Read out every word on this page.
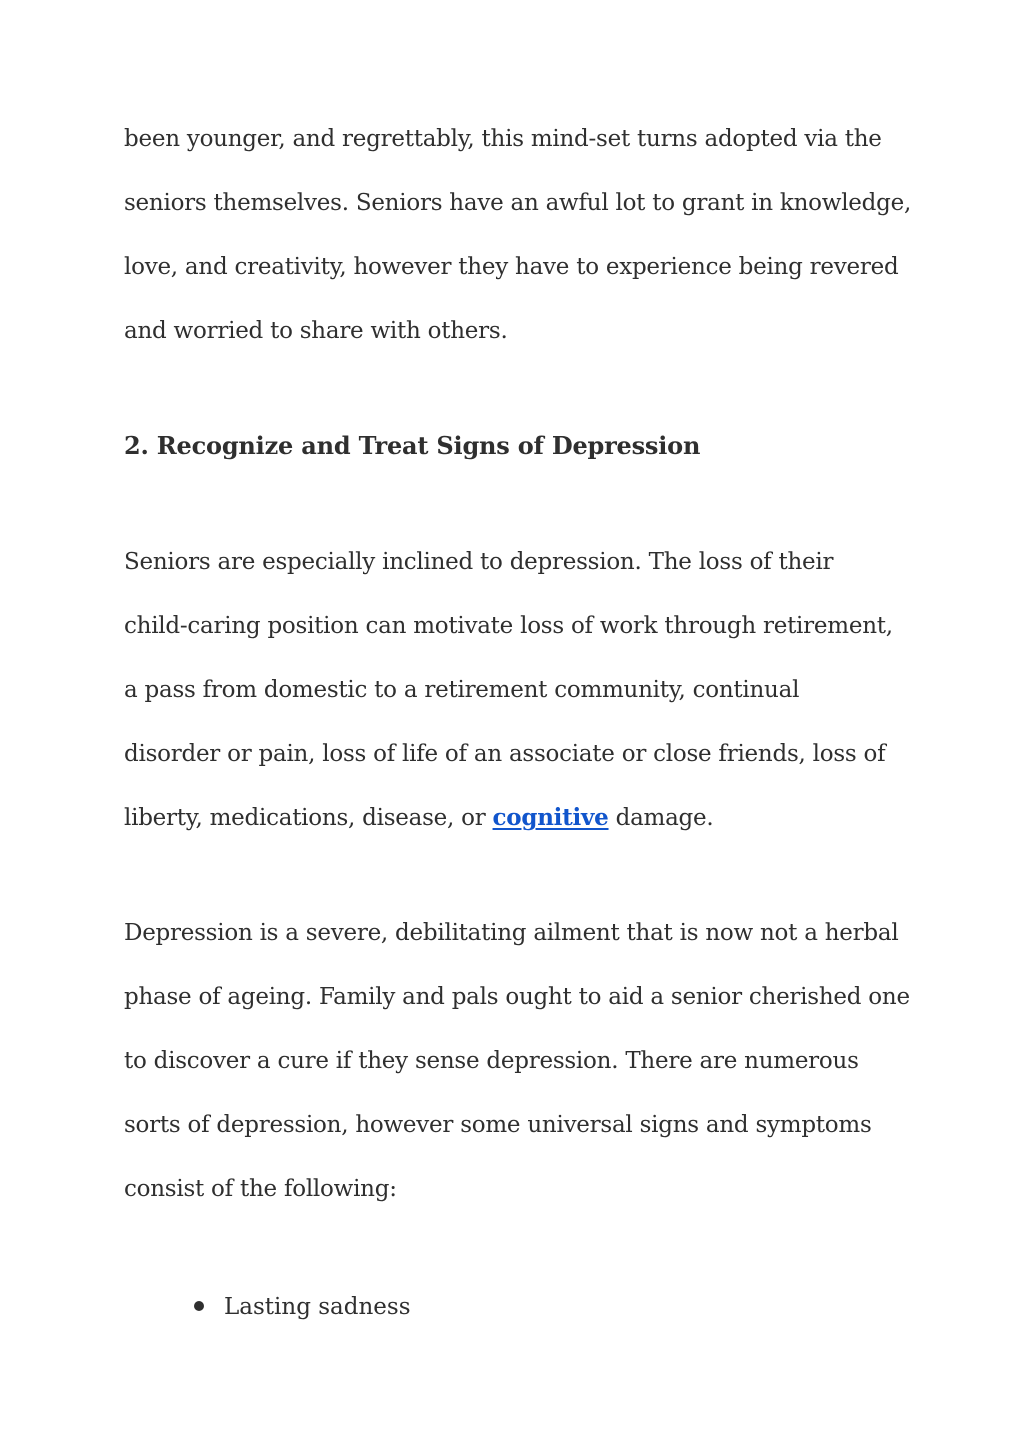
been younger, and regrettably, this mind-set turns adopted via the
seniors themselves. Seniors have an awful lot to grant in knowledge,
love, and creativity, however they have to experience being revered
and worried to share with others.
2. Recognize and Treat Signs of Depression
Seniors are especially inclined to depression. The loss of their
child-caring position can motivate loss of work through retirement,
a pass from domestic to a retirement community, continual
disorder or pain, loss of life of an associate or close friends, loss of
liberty, medications, disease, or cognitive damage.
Depression is a severe, debilitating ailment that is now not a herbal
phase of ageing. Family and pals ought to aid a senior cherished one
to discover a cure if they sense depression. There are numerous
sorts of depression, however some universal signs and symptoms
consist of the following:
Lasting sadness
